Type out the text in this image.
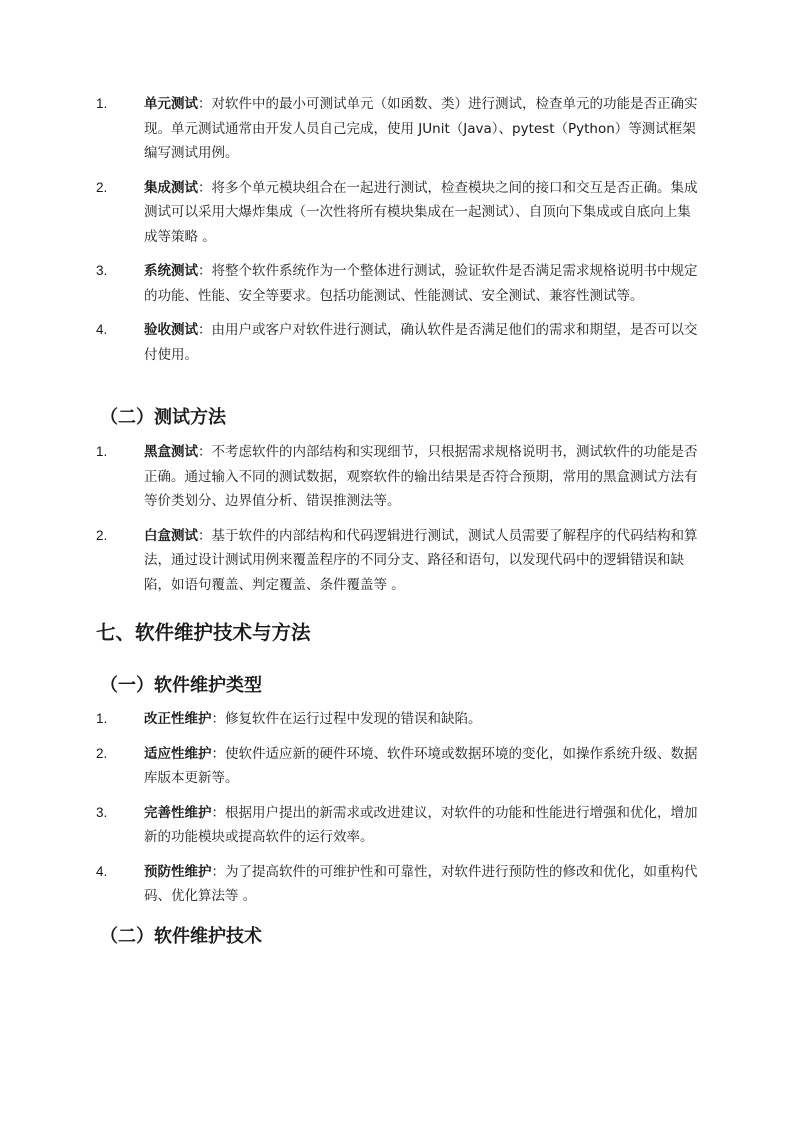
1.	单元测试：对软件中的最小可测试单元（如函数、类）进行测试，检查单元的功能是否正确实现。单元测试通常由开发人员自己完成，使用 JUnit（Java）、pytest（Python）等测试框架编写测试用例。
2.	集成测试：将多个单元模块组合在一起进行测试，检查模块之间的接口和交互是否正确。集成测试可以采用大爆炸集成（一次性将所有模块集成在一起测试）、自顶向下集成或自底向上集成等策略 。
3.	系统测试：将整个软件系统作为一个整体进行测试，验证软件是否满足需求规格说明书中规定的功能、性能、安全等要求。包括功能测试、性能测试、安全测试、兼容性测试等。
4.	验收测试：由用户或客户对软件进行测试，确认软件是否满足他们的需求和期望，是否可以交付使用。
（二）测试方法
1.	黑盒测试：不考虑软件的内部结构和实现细节，只根据需求规格说明书，测试软件的功能是否正确。通过输入不同的测试数据，观察软件的输出结果是否符合预期，常用的黑盒测试方法有等价类划分、边界值分析、错误推测法等。
2.	白盒测试：基于软件的内部结构和代码逻辑进行测试，测试人员需要了解程序的代码结构和算法，通过设计测试用例来覆盖程序的不同分支、路径和语句，以发现代码中的逻辑错误和缺陷，如语句覆盖、判定覆盖、条件覆盖等 。
七、软件维护技术与方法
（一）软件维护类型
1.	改正性维护：修复软件在运行过程中发现的错误和缺陷。
2.	适应性维护：使软件适应新的硬件环境、软件环境或数据环境的变化，如操作系统升级、数据库版本更新等。
3.	完善性维护：根据用户提出的新需求或改进建议，对软件的功能和性能进行增强和优化，增加新的功能模块或提高软件的运行效率。
4.	预防性维护：为了提高软件的可维护性和可靠性，对软件进行预防性的修改和优化，如重构代码、优化算法等 。
（二）软件维护技术
